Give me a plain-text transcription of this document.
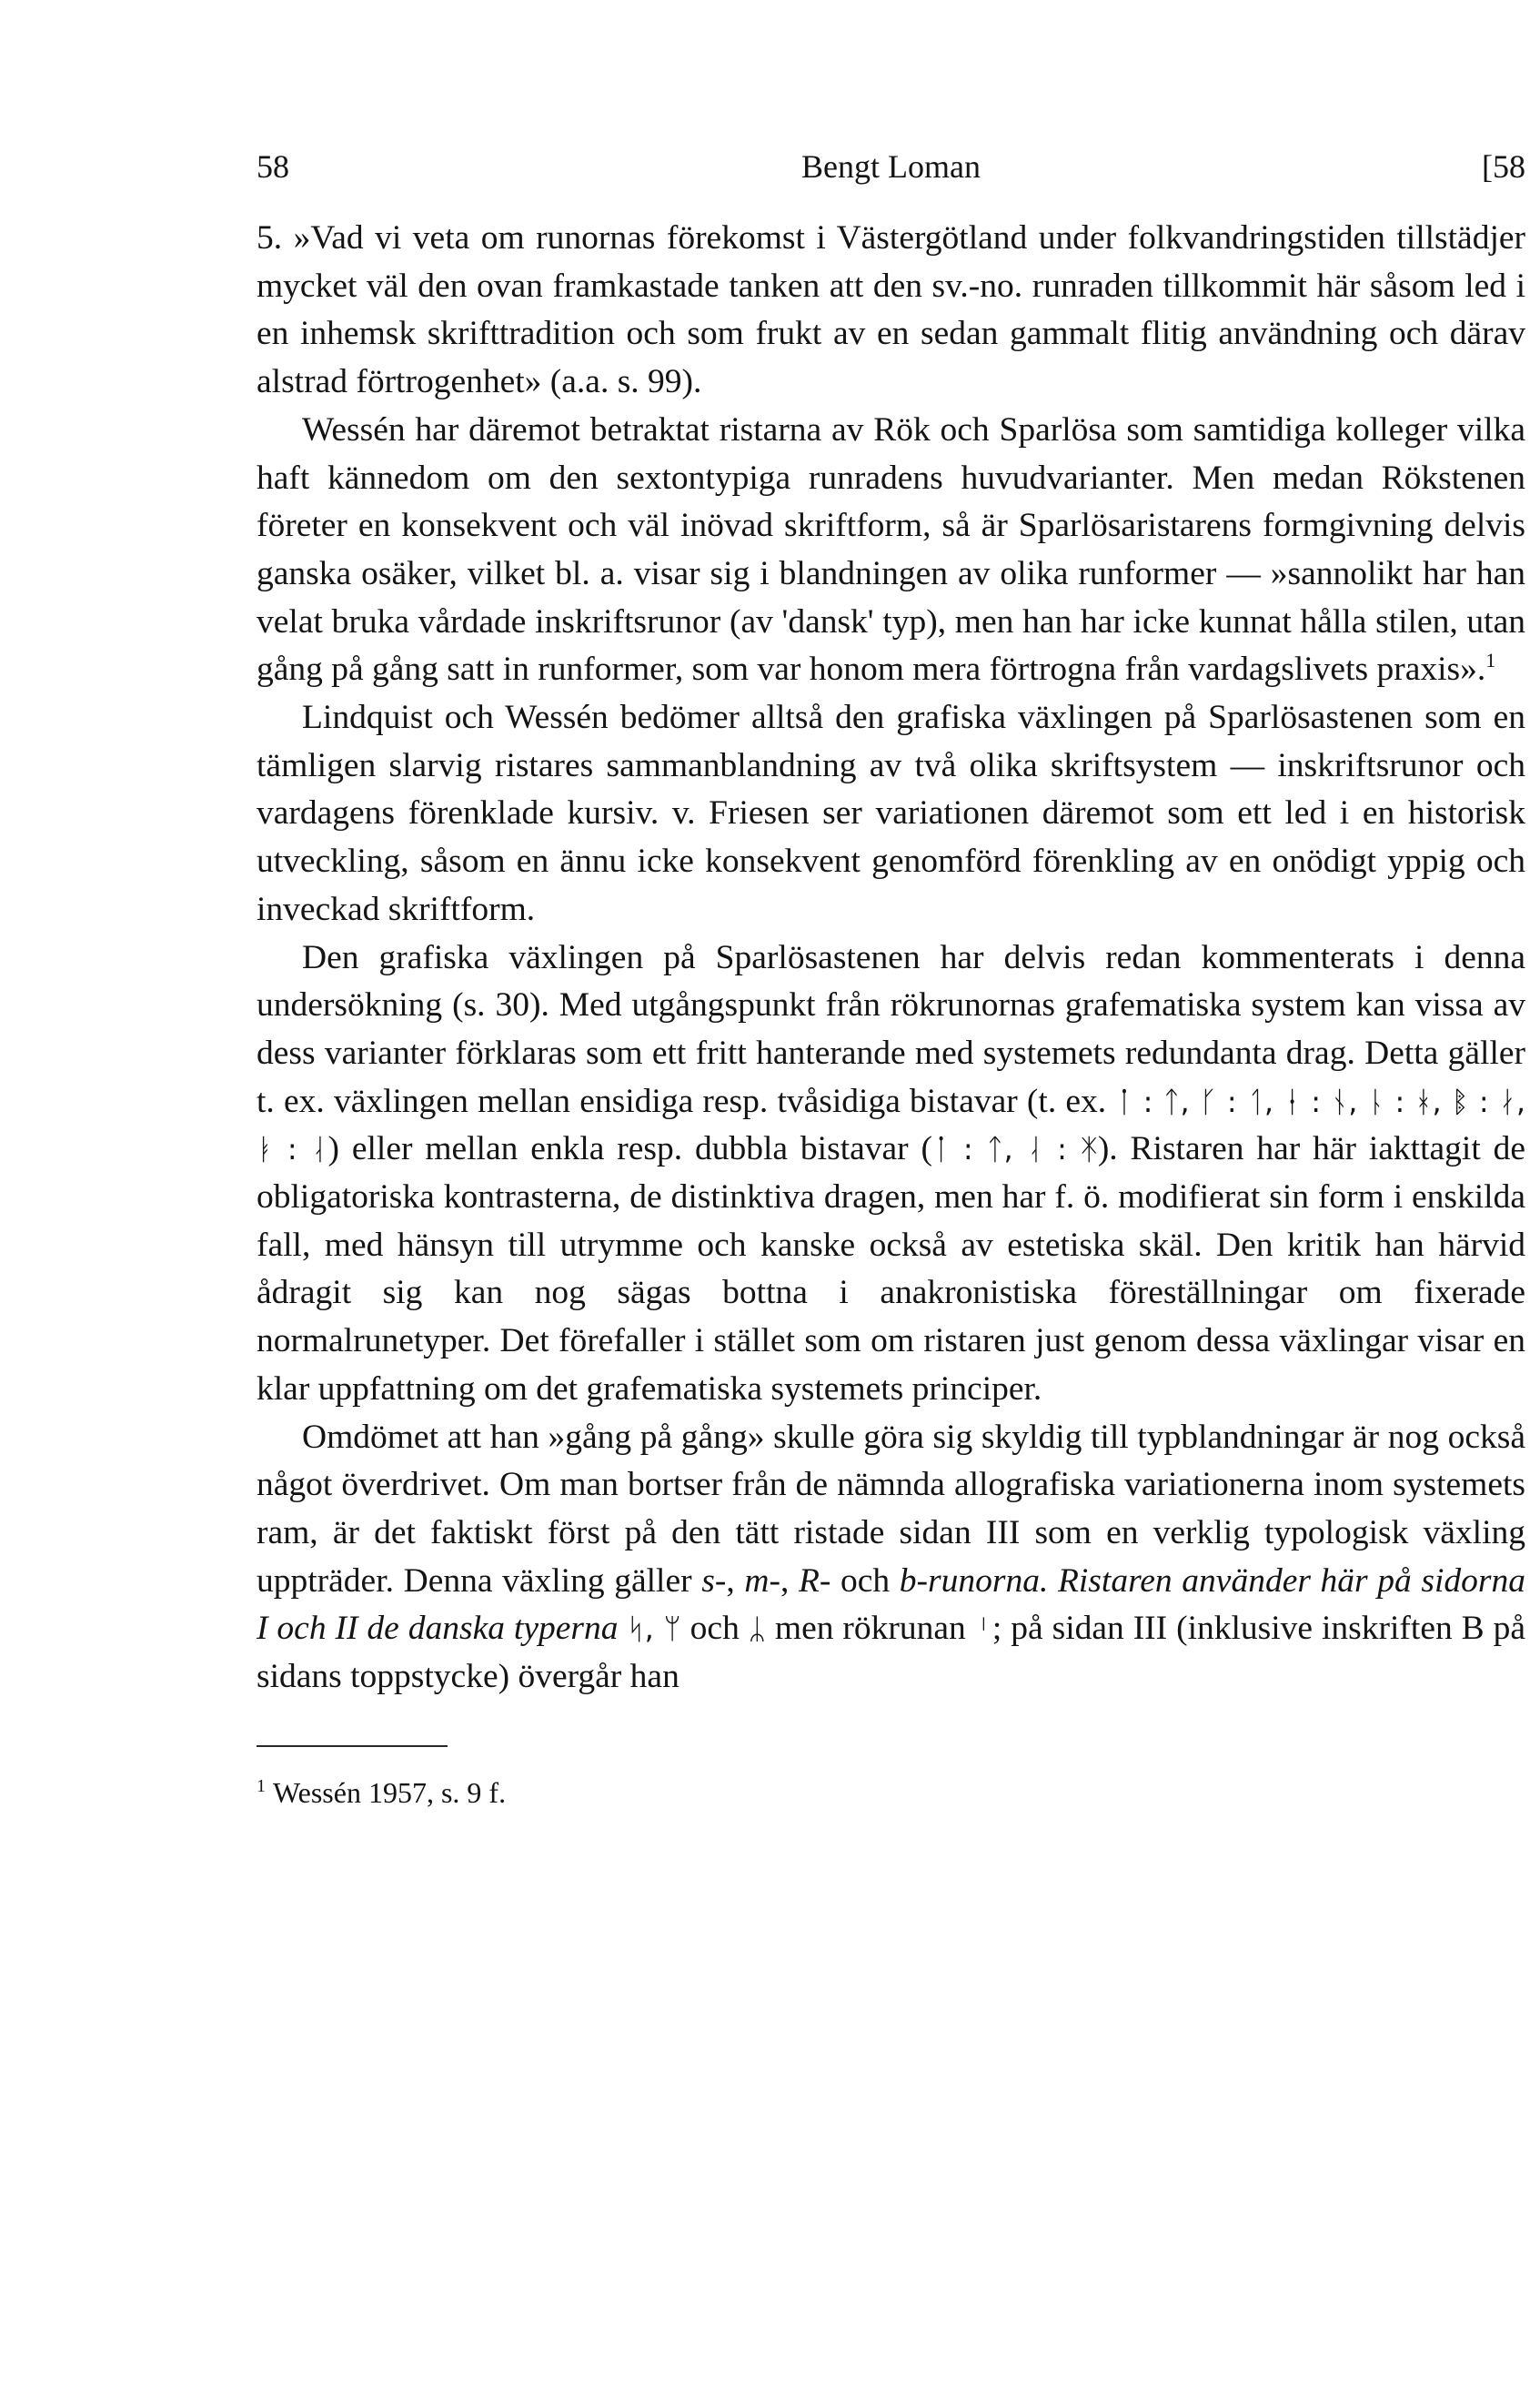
58	Bengt Loman	[58

5. »Vad vi veta om runornas förekomst i Västergötland under folkvandringstiden tillstädjer mycket väl den ovan framkastade tanken att den sv.-no. runraden tillkommit här såsom led i en inhemsk skrifttradition och som frukt av en sedan gammalt flitig användning och därav alstrad förtrogenhet» (a.a. s. 99).

Wessén har däremot betraktat ristarna av Rök och Sparlösa som samtidiga kolleger vilka haft kännedom om den sextontypiga runradens huvudvarianter. Men medan Rökstenen företer en konsekvent och väl inövad skriftform, så är Sparlösaristarens formgivning delvis ganska osäker, vilket bl. a. visar sig i blandningen av olika runformer — »sannolikt har han velat bruka vårdade inskriftsrunor (av 'dansk' typ), men han har icke kunnat hålla stilen, utan gång på gång satt in runformer, som var honom mera förtrogna från vardagslivets praxis».$^1$

Lindquist och Wessén bedömer alltså den grafiska växlingen på Sparlösastenen som en tämligen slarvig ristares sammanblandning av två olika skriftsystem — inskriftsrunor och vardagens förenklade kursiv. v. Friesen ser variationen däremot som ett led i en historisk utveckling, såsom en ännu icke konsekvent genomförd förenkling av en onödigt yppig och inveckad skriftform.

Den grafiska växlingen på Sparlösastenen har delvis redan kommenterats i denna undersökning (s. 30). Med utgångspunkt från rökrunornas grafematiska system kan vissa av dess varianter förklaras som ett fritt hanterande med systemets redundanta drag. Detta gäller t. ex. växlingen mellan ensidiga resp. tvåsidiga bistavar (t. ex. ᛙ : ᛏ, ᚴ : ᛐ, ᚽ : ᚾ, ᚿ : ᚼ, ᛔ : ᛅ, ᛓ : ᛆ) eller mellan enkla resp. dubbla bistavar (ᛙ : ᛏ, ᛆ : ᛡ). Ristaren har här iakttagit de obligatoriska kontrasterna, de distinktiva dragen, men har f. ö. modifierat sin form i enskilda fall, med hänsyn till utrymme och kanske också av estetiska skäl. Den kritik han härvid ådragit sig kan nog sägas bottna i anakronistiska föreställningar om fixerade normalrunetyper. Det förefaller i stället som om ristaren just genom dessa växlingar visar en klar uppfattning om det grafematiska systemets principer.

Omdömet att han »gång på gång» skulle göra sig skyldig till typblandningar är nog också något överdrivet. Om man bortser från de nämnda allografiska variationerna inom systemets ram, är det faktiskt först på den tätt ristade sidan III som en verklig typologisk växling uppträder. Denna växling gäller s-, m-, R- och b-runorna. Ristaren använder här på sidorna I och II de danska typerna ᛋ, ᛘ och ᛦ men rökrunan ᛌ; på sidan III (inklusive inskriften B på sidans toppstycke) övergår han

$^1$ Wessén 1957, s. 9 f.
